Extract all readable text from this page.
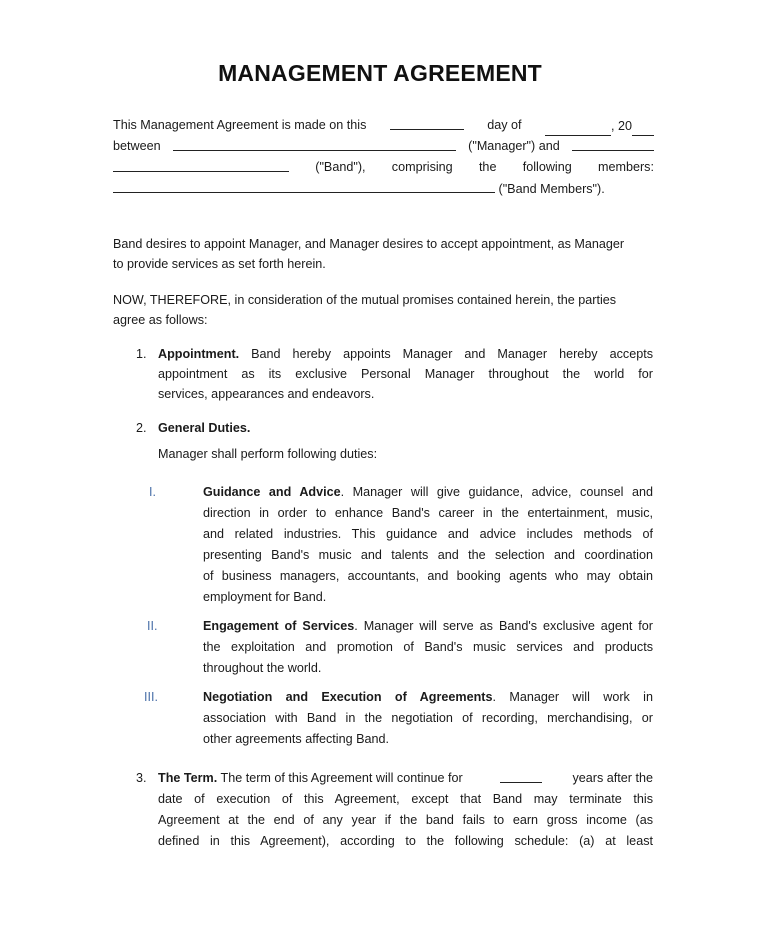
MANAGEMENT AGREEMENT
This Management Agreement is made on this	day of	, 20
between	("Manager") and
("Band"), comprising the following members:
("Band Members").
Band desires to appoint Manager, and Manager desires to accept appointment, as Manager
to provide services as set forth herein.
NOW, THEREFORE, in consideration of the mutual promises contained herein, the parties
agree as follows:
1. Appointment. Band hereby appoints Manager and Manager hereby accepts
appointment as its exclusive Personal Manager throughout the world for
services, appearances and endeavors.
2. General Duties.
Manager shall perform following duties:
I.	Guidance and Advice. Manager will give guidance, advice, counsel and
direction in order to enhance Band's career in the entertainment, music,
and related industries. This guidance and advice includes methods of
presenting Band's music and talents and the selection and coordination
of business managers, accountants, and booking agents who may obtain
employment for Band.
II.	Engagement of Services. Manager will serve as Band's exclusive agent for
the exploitation and promotion of Band's music services and products
throughout the world.
III.	Negotiation and Execution of Agreements. Manager will work in
association with Band in the negotiation of recording, merchandising, or
other agreements affecting Band.
3. The Term. The term of this Agreement will continue for	years after the
date of execution of this Agreement, except that Band may terminate this
Agreement at the end of any year if the band fails to earn gross income (as
defined in this Agreement), according to the following schedule: (a) at least
